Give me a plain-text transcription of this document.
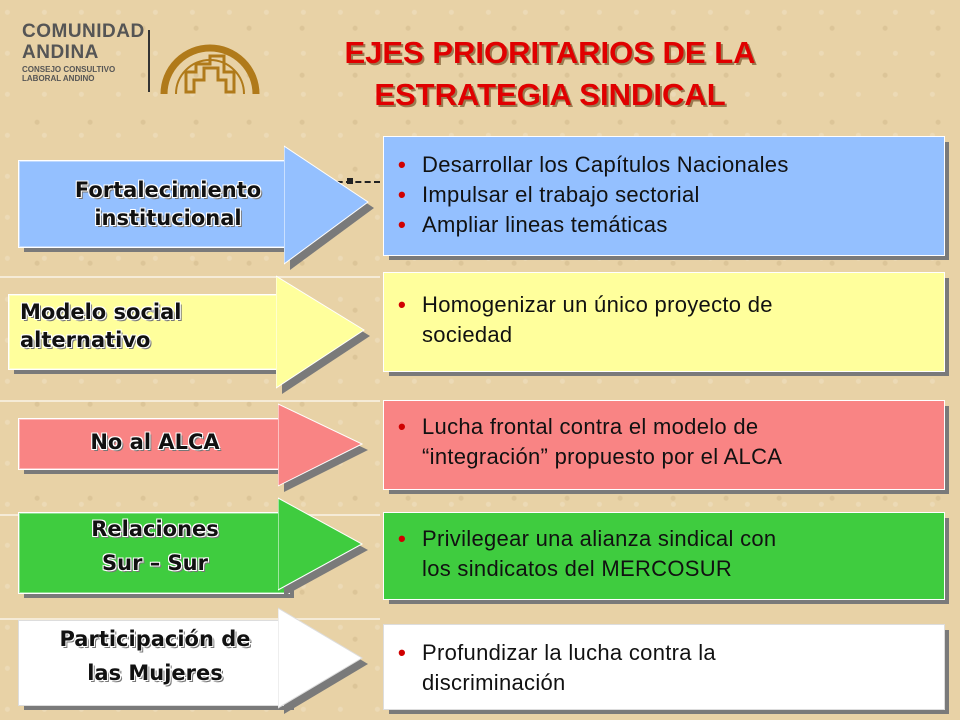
COMUNIDAD
ANDINA
CONSEJO CONSULTIVO
LABORAL ANDINO
EJES PRIORITARIOS DE LA
ESTRATEGIA SINDICAL
Fortalecimiento
institucional
• Desarrollar los Capítulos Nacionales
• Impulsar el trabajo sectorial
• Ampliar lineas temáticas
Modelo social
alternativo
• Homogenizar un único proyecto de
sociedad
No al ALCA
• Lucha frontal contra el modelo de
“integración” propuesto por el ALCA
Relaciones
Sur – Sur
• Privilegear una alianza sindical con
los sindicatos del MERCOSUR
Participación de
las Mujeres
• Profundizar la lucha contra la
discriminación
